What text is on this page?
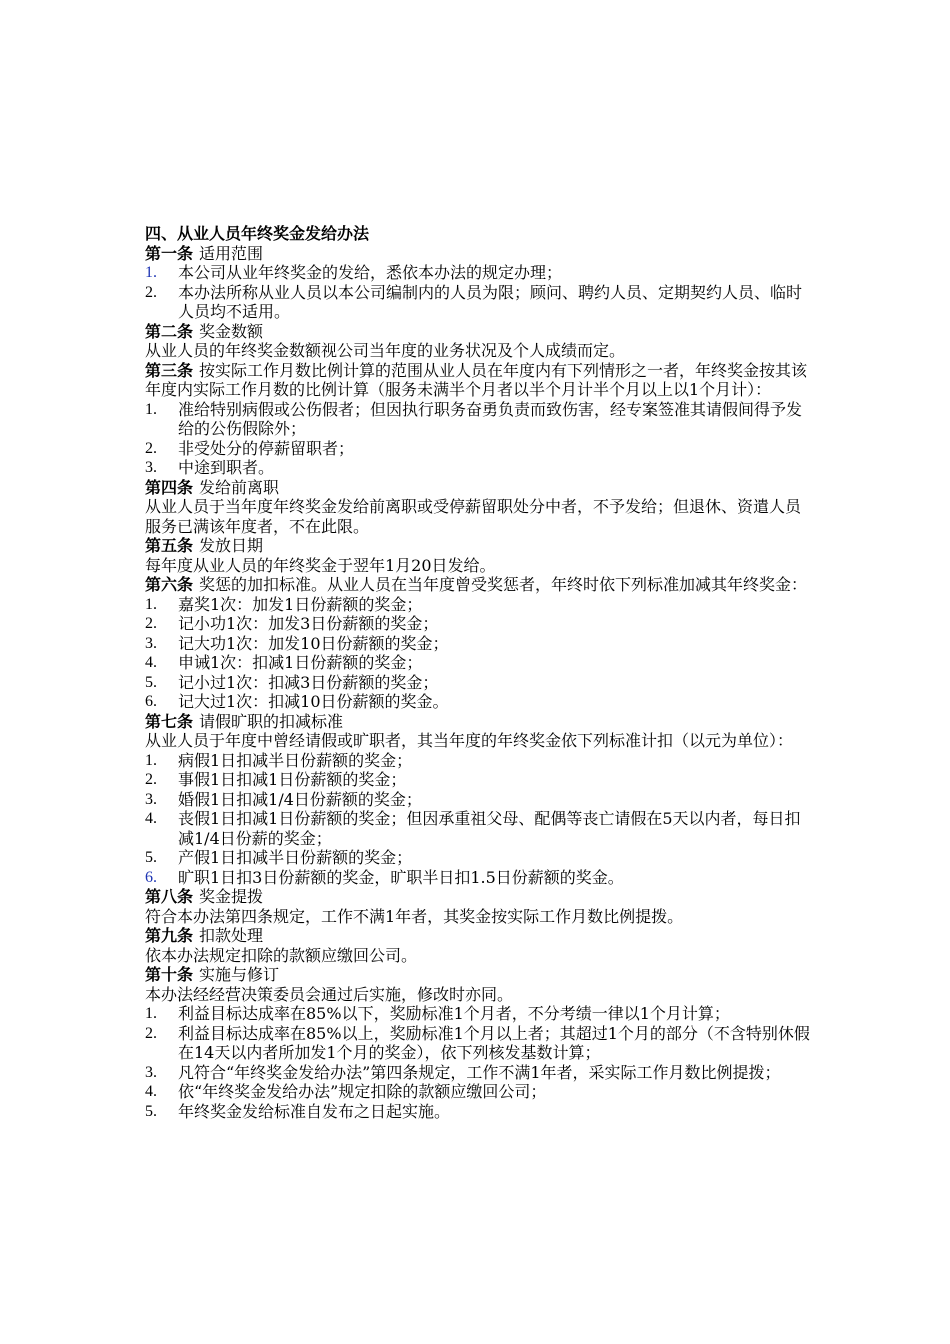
四、从业人员年终奖金发给办法
第一条 适用范围
1.	本公司从业年终奖金的发给，悉依本办法的规定办理；
2.	本办法所称从业人员以本公司编制内的人员为限；顾问、聘约人员、定期契约人员、临时人员均不适用。
第二条 奖金数额
从业人员的年终奖金数额视公司当年度的业务状况及个人成绩而定。
第三条 按实际工作月数比例计算的范围从业人员在年度内有下列情形之一者，年终奖金按其该年度内实际工作月数的比例计算（服务未满半个月者以半个月计半个月以上以1个月计）：
1.	准给特别病假或公伤假者；但因执行职务奋勇负责而致伤害，经专案签准其请假间得予发给的公伤假除外；
2.	非受处分的停薪留职者；
3.	中途到职者。
第四条 发给前离职
从业人员于当年度年终奖金发给前离职或受停薪留职处分中者，不予发给；但退休、资遣人员服务已满该年度者，不在此限。
第五条 发放日期
每年度从业人员的年终奖金于翌年1月20日发给。
第六条 奖惩的加扣标准。从业人员在当年度曾受奖惩者，年终时依下列标准加减其年终奖金：
1.	嘉奖1次：加发1日份薪额的奖金；
2.	记小功1次：加发3日份薪额的奖金；
3.	记大功1次：加发10日份薪额的奖金；
4.	申诫1次：扣减1日份薪额的奖金；
5.	记小过1次：扣减3日份薪额的奖金；
6.	记大过1次：扣减10日份薪额的奖金。
第七条 请假旷职的扣减标准
从业人员于年度中曾经请假或旷职者，其当年度的年终奖金依下列标准计扣（以元为单位）：
1.	病假1日扣减半日份薪额的奖金；
2.	事假1日扣减1日份薪额的奖金；
3.	婚假1日扣减1/4日份薪额的奖金；
4.	丧假1日扣减1日份薪额的奖金；但因承重祖父母、配偶等丧亡请假在5天以内者，每日扣减1/4日份薪的奖金；
5.	产假1日扣减半日份薪额的奖金；
6.	旷职1日扣3日份薪额的奖金，旷职半日扣1.5日份薪额的奖金。
第八条 奖金提拨
符合本办法第四条规定，工作不满1年者，其奖金按实际工作月数比例提拨。
第九条 扣款处理
依本办法规定扣除的款额应缴回公司。
第十条 实施与修订
本办法经经营决策委员会通过后实施，修改时亦同。
1.	利益目标达成率在85%以下，奖励标准1个月者，不分考绩一律以1个月计算；
2.	利益目标达成率在85%以上，奖励标准1个月以上者；其超过1个月的部分（不含特别休假在14天以内者所加发1个月的奖金），依下列核发基数计算；
3.	凡符合“年终奖金发给办法”第四条规定，工作不满1年者，采实际工作月数比例提拨；
4.	依“年终奖金发给办法”规定扣除的款额应缴回公司；
5.	年终奖金发给标准自发布之日起实施。
